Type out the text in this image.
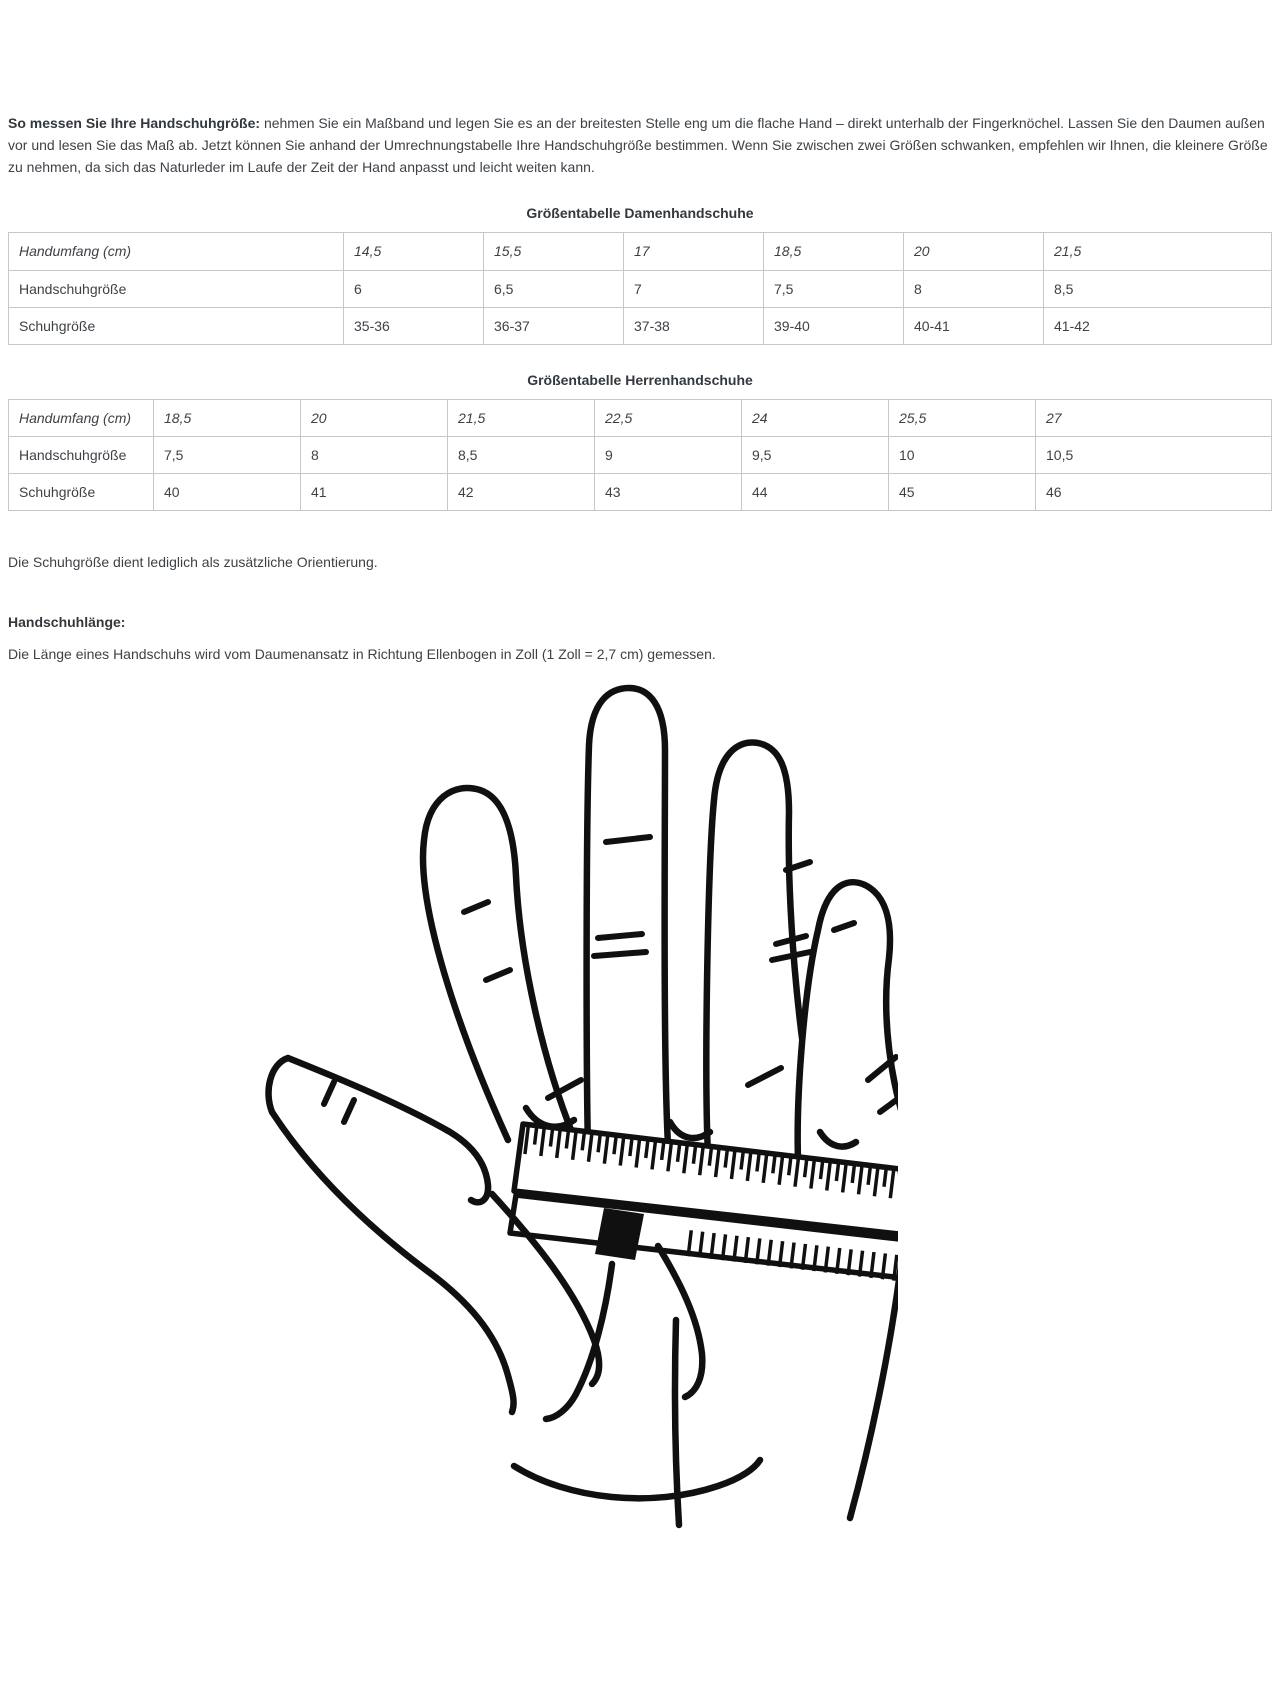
So messen Sie Ihre Handschuhgröße: nehmen Sie ein Maßband und legen Sie es an der breitesten Stelle eng um die flache Hand – direkt unterhalb der Fingerknöchel. Lassen Sie den Daumen außen vor und lesen Sie das Maß ab. Jetzt können Sie anhand der Umrechnungstabelle Ihre Handschuhgröße bestimmen. Wenn Sie zwischen zwei Größen schwanken, empfehlen wir Ihnen, die kleinere Größe zu nehmen, da sich das Naturleder im Laufe der Zeit der Hand anpasst und leicht weiten kann.

Größentabelle Damenhandschuhe
Handumfang (cm)	14,5	15,5	17	18,5	20	21,5
Handschuhgröße	6	6,5	7	7,5	8	8,5
Schuhgröße	35-36	36-37	37-38	39-40	40-41	41-42
Größentabelle Herrenhandschuhe
Handumfang (cm)	18,5	20	21,5	22,5	24	25,5	27
Handschuhgröße	7,5	8	8,5	9	9,5	10	10,5
Schuhgröße	40	41	42	43	44	45	46

Die Schuhgröße dient lediglich als zusätzliche Orientierung.

Handschuhlänge:

Die Länge eines Handschuhs wird vom Daumenansatz in Richtung Ellenbogen in Zoll (1 Zoll = 2,7 cm) gemessen.
